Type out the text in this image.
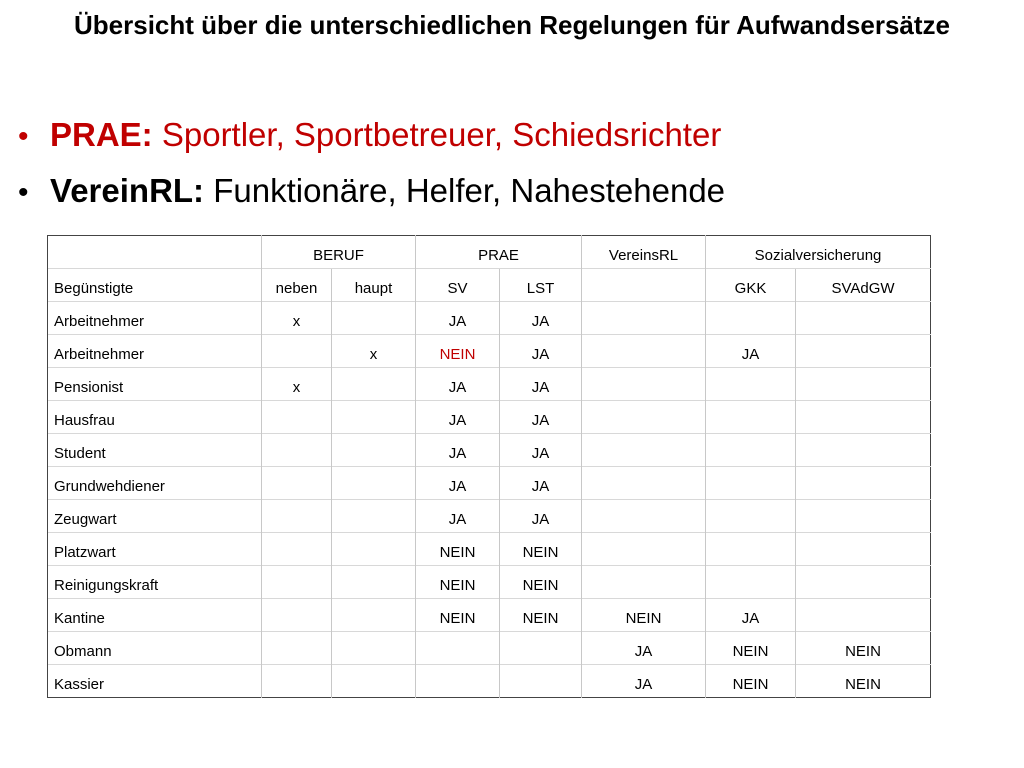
Übersicht über die unterschiedlichen Regelungen für Aufwandsersätze
• PRAE: Sportler, Sportbetreuer, Schiedsrichter
• VereinRL: Funktionäre, Helfer, Nahestehende
	BERUF		PRAE		VereinsRL	Sozialversicherung	
Begünstigte	neben	haupt	SV	LST		GKK	SVAdGW
Arbeitnehmer	x		JA	JA			
Arbeitnehmer		x	NEIN	JA		JA	
Pensionist	x		JA	JA			
Hausfrau			JA	JA			
Student			JA	JA			
Grundwehdiener			JA	JA			
Zeugwart			JA	JA			
Platzwart			NEIN	NEIN			
Reinigungskraft			NEIN	NEIN			
Kantine			NEIN	NEIN	NEIN	JA	
Obmann					JA	NEIN	NEIN
Kassier					JA	NEIN	NEIN
